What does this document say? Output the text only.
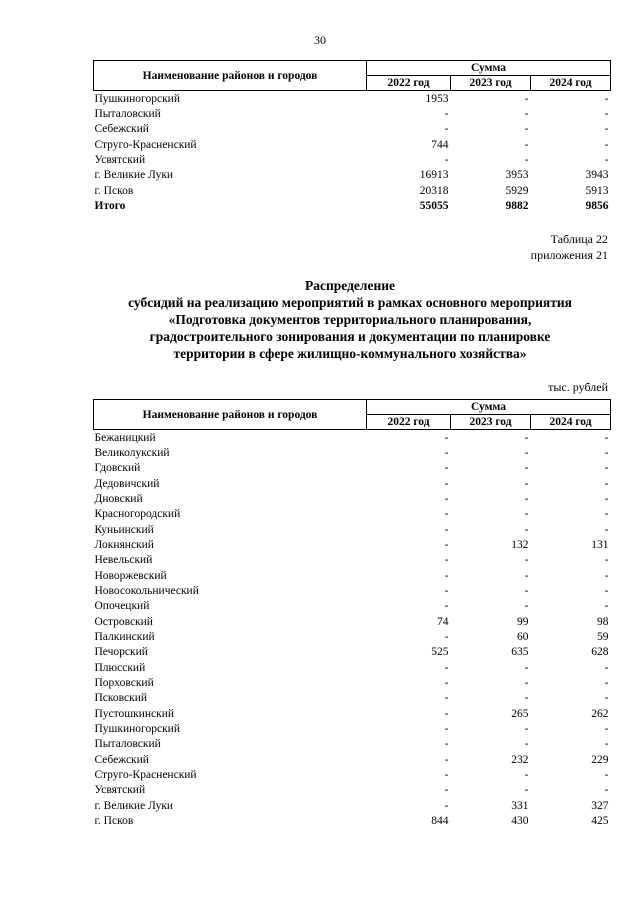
30
Наименование районов и городов	Сумма		
	2022 год	2023 год	2024 год
Пушкиногорский	1953	-	-
Пыталовский	-	-	-
Себежский	-	-	-
Струго-Красненский	744	-	-
Усвятский	-	-	-
г. Великие Луки	16913	3953	3943
г. Псков	20318	5929	5913
Итого	55055	9882	9856
Таблица 22
приложения 21
Распределение
субсидий на реализацию мероприятий в рамках основного мероприятия
«Подготовка документов территориального планирования,
градостроительного зонирования и документации по планировке
территории в сфере жилищно-коммунального хозяйства»
тыс. рублей
Наименование районов и городов	Сумма		
	2022 год	2023 год	2024 год
Бежаницкий	-	-	-
Великолукский	-	-	-
Гдовский	-	-	-
Дедовичский	-	-	-
Дновский	-	-	-
Красногородский	-	-	-
Куньинский	-	-	-
Локнянский	-	132	131
Невельский	-	-	-
Новоржевский	-	-	-
Новосокольнический	-	-	-
Опочецкий	-	-	-
Островский	74	99	98
Палкинский	-	60	59
Печорский	525	635	628
Плюсский	-	-	-
Порховский	-	-	-
Псковский	-	-	-
Пустошкинский	-	265	262
Пушкиногорский	-	-	-
Пыталовский	-	-	-
Себежский	-	232	229
Струго-Красненский	-	-	-
Усвятский	-	-	-
г. Великие Луки	-	331	327
г. Псков	844	430	425
